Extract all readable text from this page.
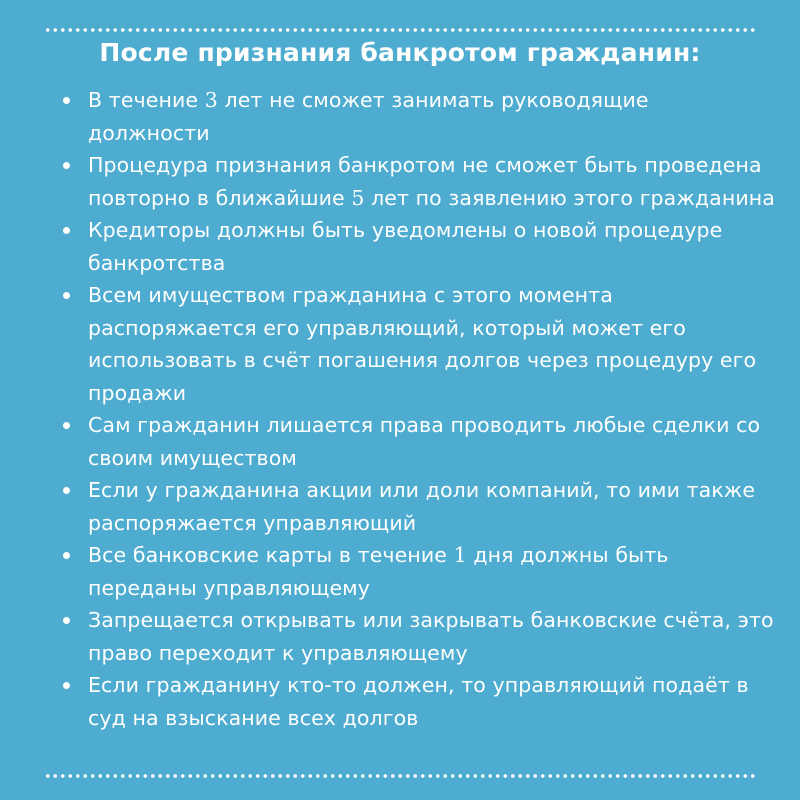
После признания банкротом гражданин:
В течение 3 лет не сможет занимать руководящие должности
Процедура признания банкротом не сможет быть проведена повторно в ближайшие 5 лет по заявлению этого гражданина
Кредиторы должны быть уведомлены о новой процедуре банкротства
Всем имуществом гражданина с этого момента распоряжается его управляющий, который может его использовать в счёт погашения долгов через процедуру его продажи
Сам гражданин лишается права проводить любые сделки со своим имуществом
Если у гражданина акции или доли компаний, то ими также распоряжается управляющий
Все банковские карты в течение 1 дня должны быть переданы управляющему
Запрещается открывать или закрывать банковские счёта, это право переходит к управляющему
Если гражданину кто-то должен, то управляющий подаёт в суд на взыскание всех долгов
